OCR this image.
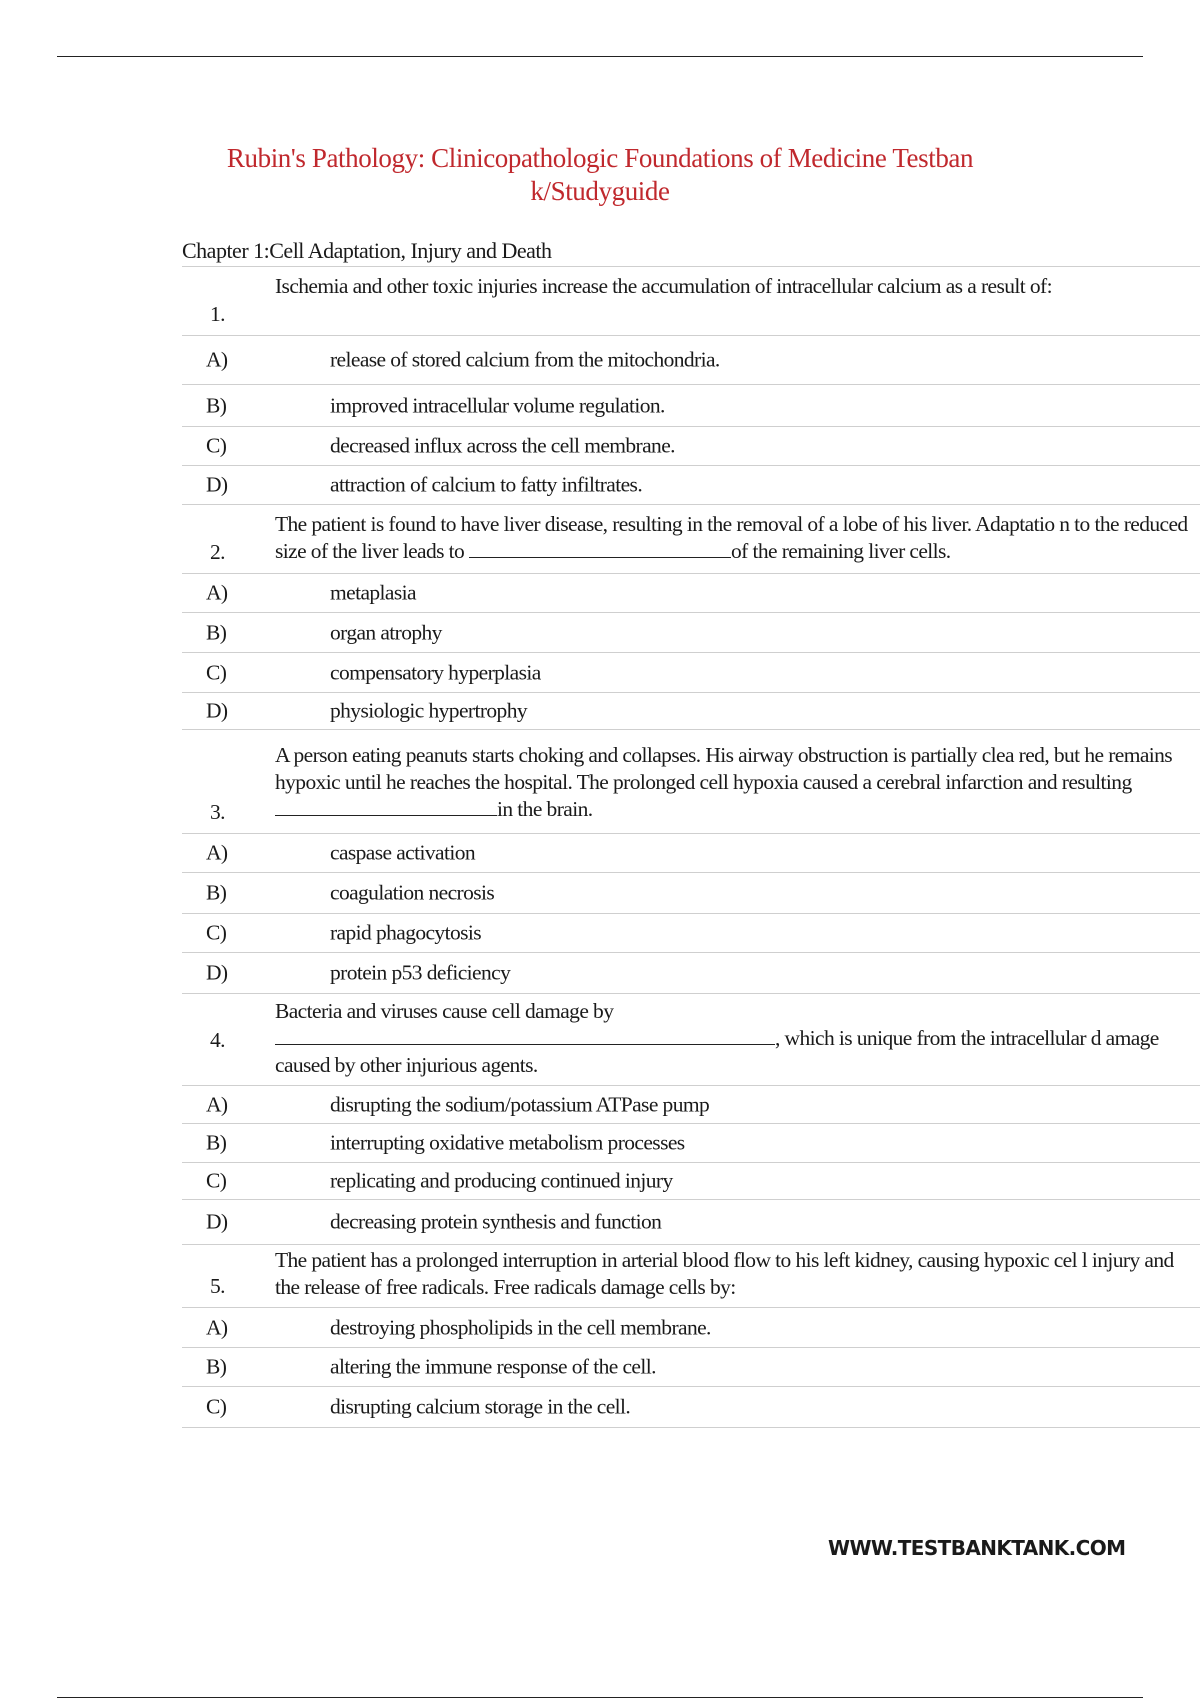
Rubin's Pathology: Clinicopathologic Foundations of Medicine Testban
k/Studyguide
Chapter 1:Cell Adaptation, Injury and Death
1.
Ischemia and other toxic injuries increase the accumulation of intracellular calcium as a result of:
A)	release of stored calcium from the mitochondria.
B)	improved intracellular volume regulation.
C)	decreased influx across the cell membrane.
D)	attraction of calcium to fatty infiltrates.
2.
The patient is found to have liver disease, resulting in the removal of a lobe of his liver. Adaptatio n to the reduced size of the liver leads to	of the remaining liver cells.
A)	metaplasia
B)	organ atrophy
C)	compensatory hyperplasia
D)	physiologic hypertrophy
3.
A person eating peanuts starts choking and collapses. His airway obstruction is partially clea red, but he remains hypoxic until he reaches the hospital. The prolonged cell hypoxia caused a cerebral infarction and resulting in the brain.
A)	caspase activation
B)	coagulation necrosis
C)	rapid phagocytosis
D)	protein p53 deficiency
4.
Bacteria and viruses cause cell damage by
, which is unique from the intracellular d amage caused by other injurious agents.
A)	disrupting the sodium/potassium ATPase pump
B)	interrupting oxidative metabolism processes
C)	replicating and producing continued injury
D)	decreasing protein synthesis and function
5.
The patient has a prolonged interruption in arterial blood flow to his left kidney, causing hypoxic cel l injury and the release of free radicals. Free radicals damage cells by:
A)	destroying phospholipids in the cell membrane.
B)	altering the immune response of the cell.
C)	disrupting calcium storage in the cell.
WWW.TESTBANKTANK.COM
